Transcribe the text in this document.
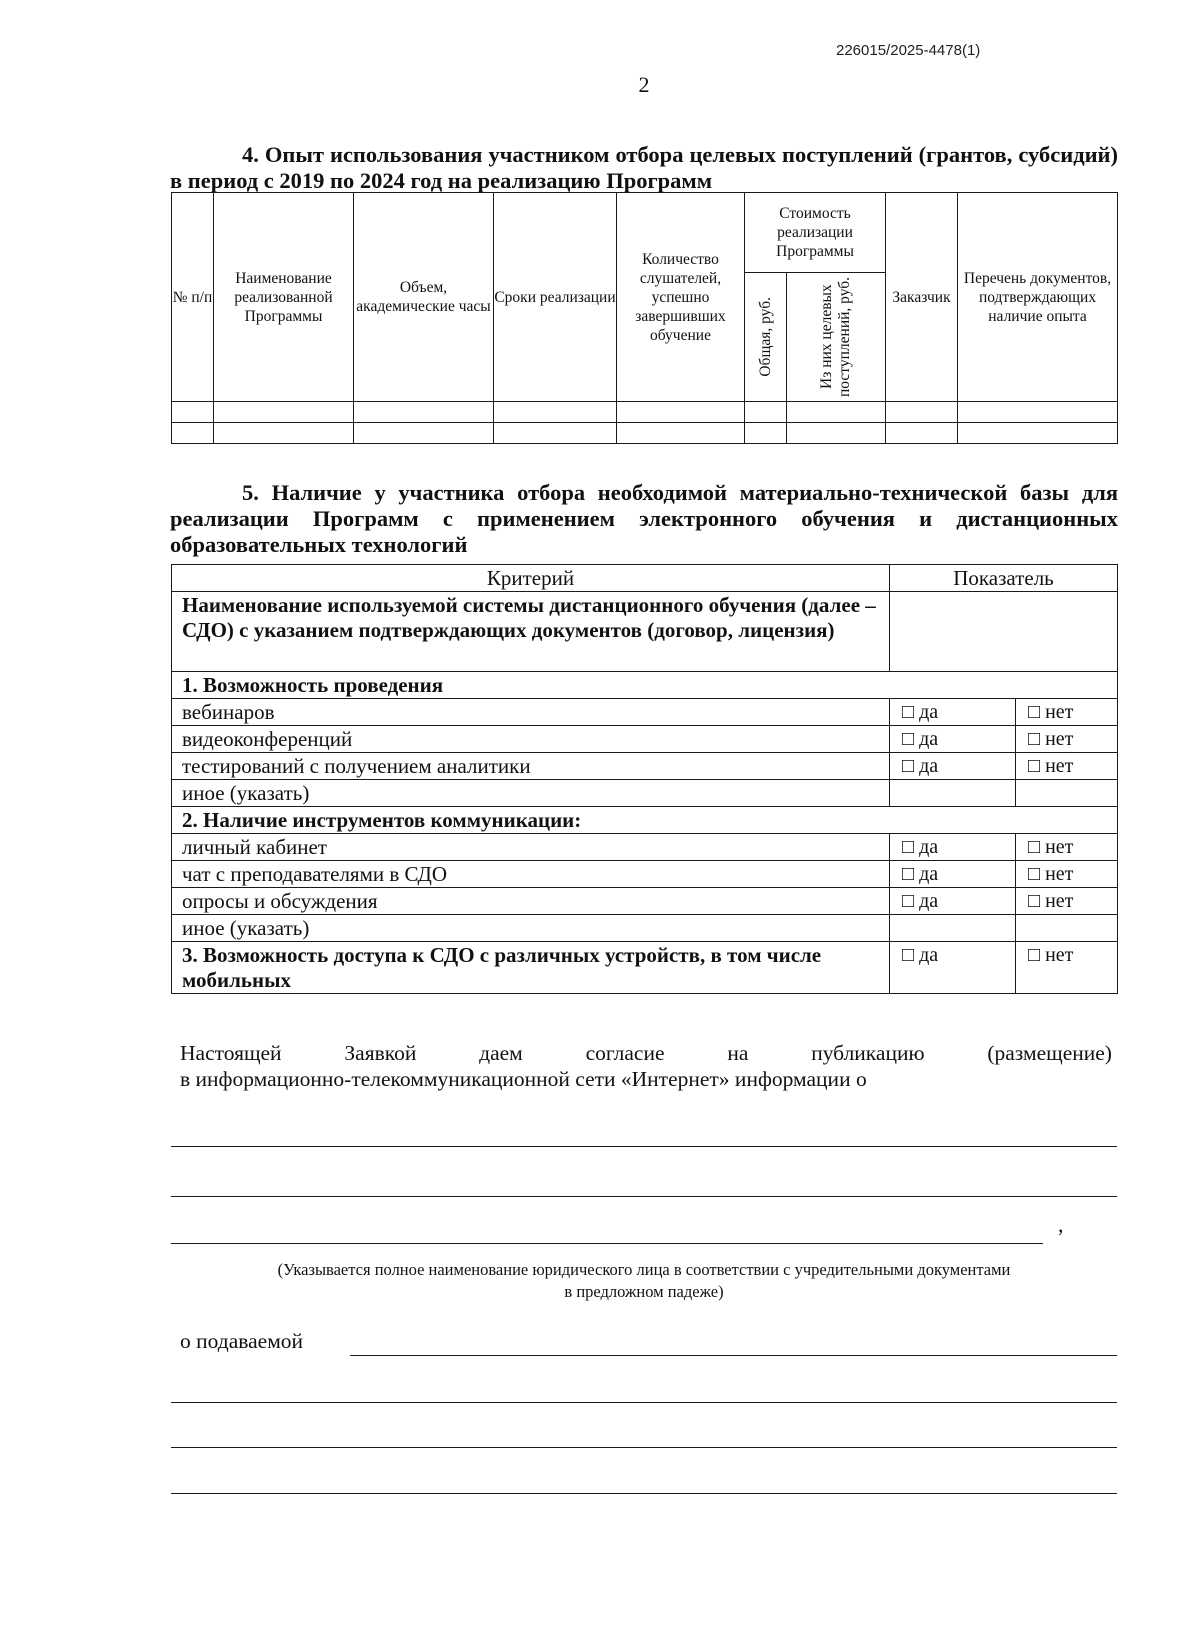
226015/2025-4478(1)
2
4. Опыт использования участником отбора целевых поступлений (грантов, субсидий) в период с 2019 по 2024 год на реализацию Программ
№ п/п	Наименование реализованной Программы	Объем, академические часы	Сроки реализации	Количество слушателей, успешно завершивших обучение	Стоимость реализации Программы		Заказчик	Перечень документов, подтверждающих наличие опыта

					Общая, руб.	Из них целевых поступлений, руб.		

5. Наличие у участника отбора необходимой материально-технической базы для реализации Программ с применением электронного обучения и дистанционных образовательных технологий
Критерий	Показатель	
Наименование используемой системы дистанционного обучения (далее – СДО) с указанием подтверждающих документов (договор, лицензия)		
1. Возможность проведения		
вебинаров	□ да	□ нет
видеоконференций	□ да	□ нет
тестирований с получением аналитики	□ да	□ нет
иное (указать)		
2. Наличие инструментов коммуникации:		
личный кабинет	□ да	□ нет
чат с преподавателями в СДО	□ да	□ нет
опросы и обсуждения	□ да	□ нет
иное (указать)		
3. Возможность доступа к СДО с различных устройств, в том числе мобильных	□ да	□ нет
Настоящей	Заявкой	даем	согласие	на	публикацию	(размещение)
в информационно-телекоммуникационной сети «Интернет» информации о
,
(Указывается полное наименование юридического лица в соответствии с учредительными документами
в предложном падеже)
о подаваемой
